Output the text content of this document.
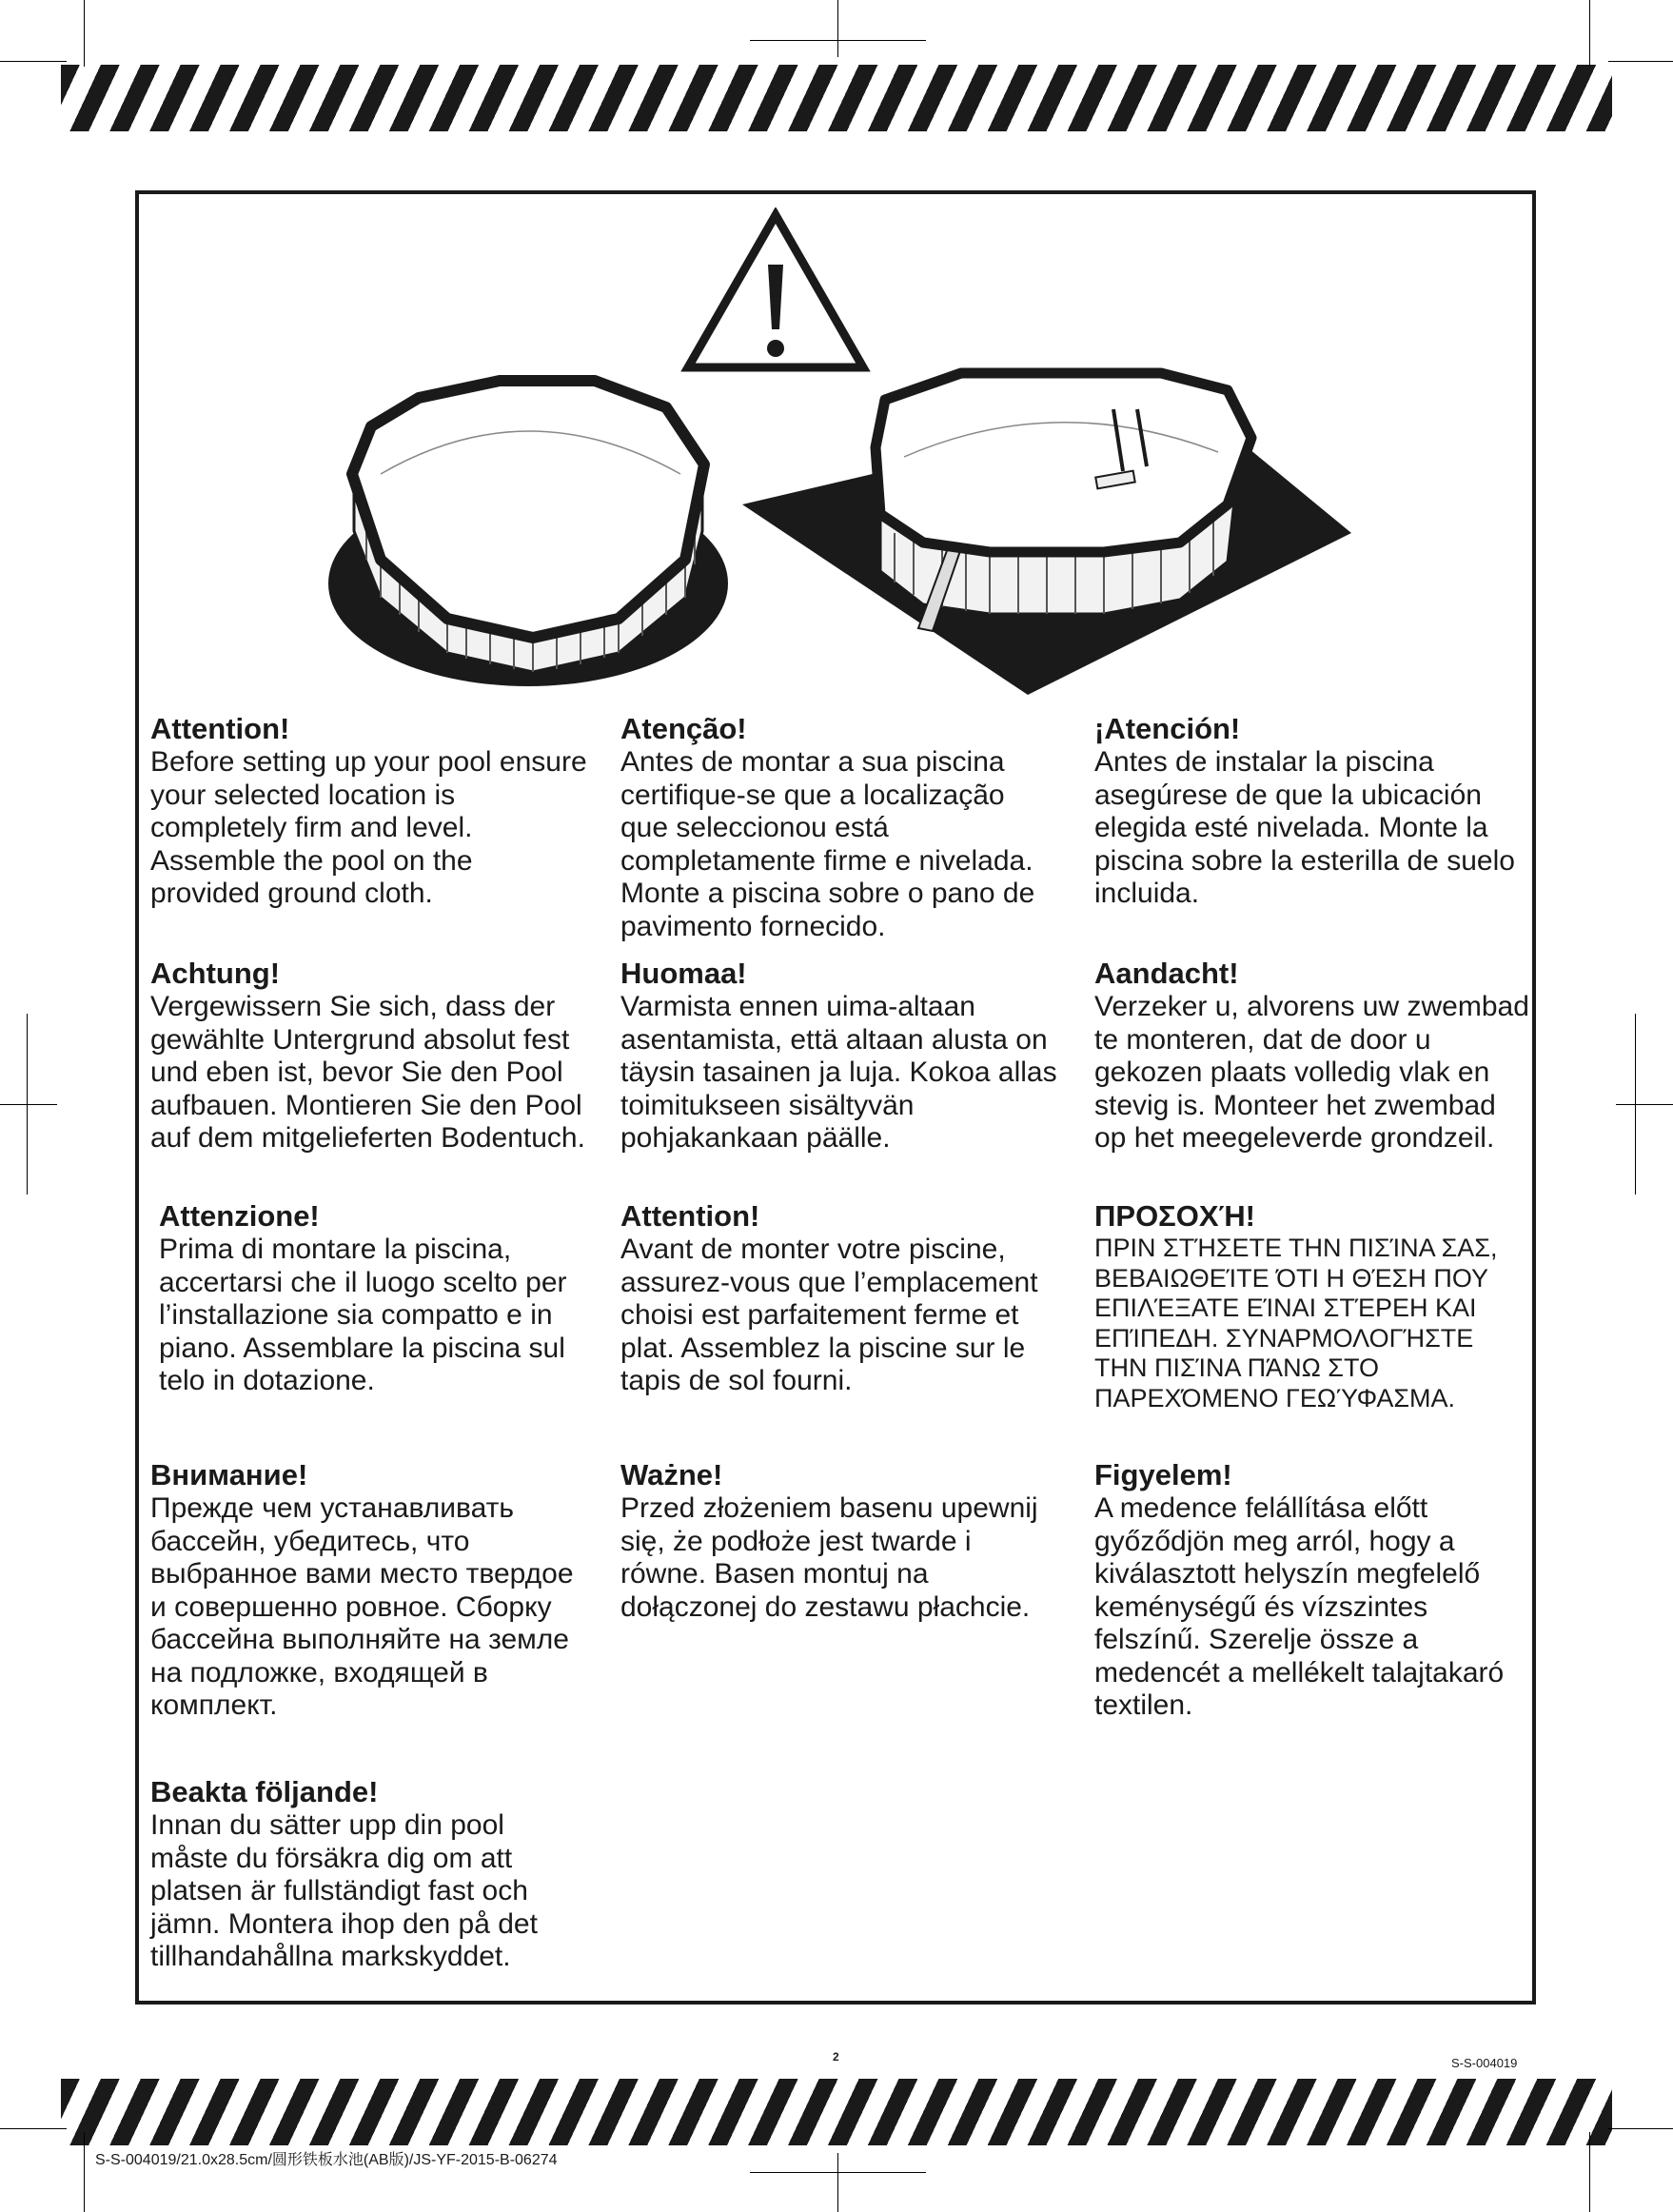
Attention!

Before setting up your pool ensure your selected location is completely firm and level. Assemble the pool on the provided ground cloth.

Atenção!

Antes de montar a sua piscina certifique-se que a localização que seleccionou está completamente firme e nivelada. Monte a piscina sobre o pano de pavimento fornecido.

¡Atención!

Antes de instalar la piscina asegúrese de que la ubicación elegida esté nivelada. Monte la piscina sobre la esterilla de suelo incluida.

Achtung!

Vergewissern Sie sich, dass der gewählte Untergrund absolut fest und eben ist, bevor Sie den Pool aufbauen. Montieren Sie den Pool auf dem mitgelieferten Bodentuch.

Huomaa!

Varmista ennen uima-altaan asentamista, että altaan alusta on täysin tasainen ja luja. Kokoa allas toimitukseen sisältyvän pohjakankaan päälle.

Aandacht!

Verzeker u, alvorens uw zwembad te monteren, dat de door u gekozen plaats volledig vlak en stevig is. Monteer het zwembad op het meegeleverde grondzeil.

Attenzione!

Prima di montare la piscina, accertarsi che il luogo scelto per l’installazione sia compatto e in piano. Assemblare la piscina sul telo in dotazione.

Attention!

Avant de monter votre piscine, assurez-vous que l’emplacement choisi est parfaitement ferme et plat. Assemblez la piscine sur le tapis de sol fourni.

ΠΡΟΣΟΧΉ!

ΠΡΙΝ ΣΤΉΣΕΤΕ ΤΗΝ ΠΙΣΊΝΑ ΣΑΣ, ΒΕΒΑΙΩΘΕΊΤΕ ΌΤΙ Η ΘΈΣΗ ΠΟΥ ΕΠΙΛΈΞΑΤΕ ΕΊΝΑΙ ΣΤΈΡΕΗ ΚΑΙ ΕΠΊΠΕΔΗ. ΣΥΝΑΡΜΟΛΟΓΉΣΤΕ ΤΗΝ ΠΙΣΊΝΑ ΠΆΝΩ ΣΤΟ ΠΑΡΕΧΌΜΕΝΟ ΓΕΩΎΦΑΣΜΑ.

Внимание!

Прежде чем устанавливать бассейн, убедитесь, что выбранное вами место твердое и совершенно ровное. Сборку бассейна выполняйте на земле на подложке, входящей в комплект.

Ważne!

Przed złożeniem basenu upewnij się, że podłoże jest twarde i równe. Basen montuj na dołączonej do zestawu płachcie.

Figyelem!

A medence felállítása előtt győződjön meg arról, hogy a kiválasztott helyszín megfelelő keménységű és vízszintes felszínű. Szerelje össze a medencét a mellékelt talajtakaró textilen.

Beakta följande!

Innan du sätter upp din pool måste du försäkra dig om att platsen är fullständigt fast och jämn. Montera ihop den på det tillhandahållna markskyddet.

2	S-S-004019
S-S-004019/21.0x28.5cm/圆形铁板水池(AB版)/JS-YF-2015-B-06274
